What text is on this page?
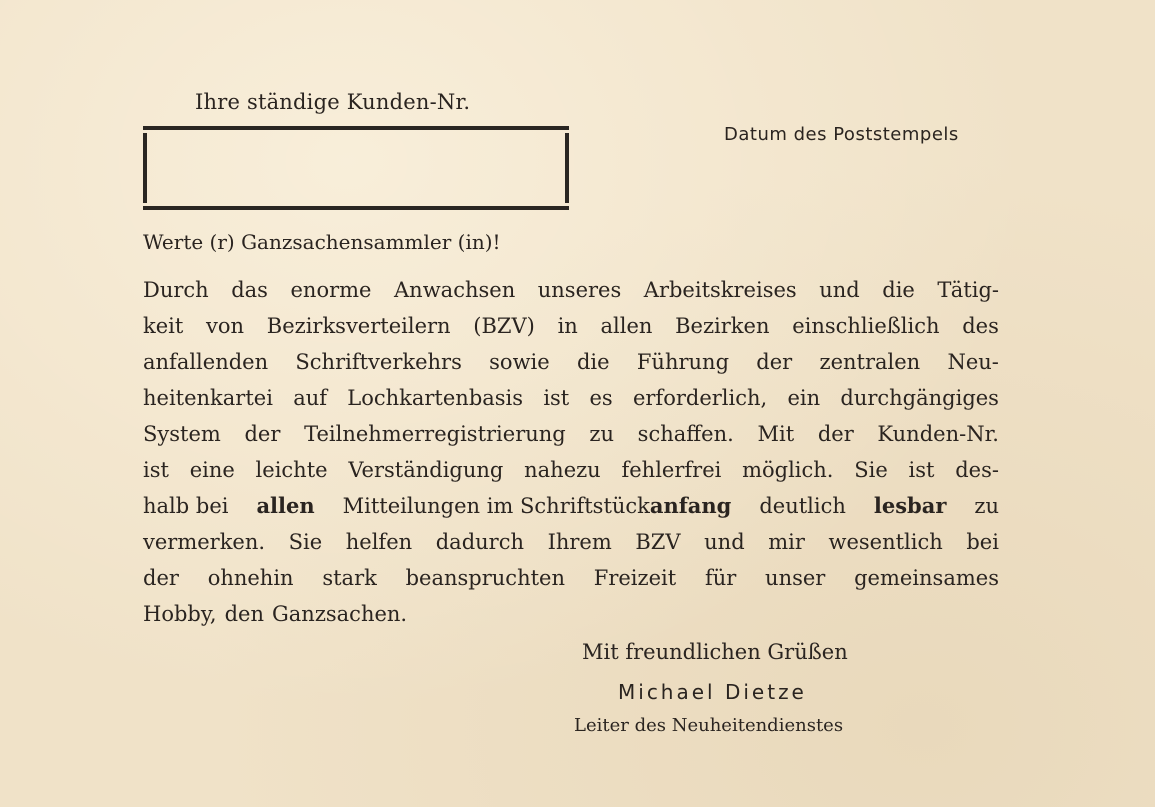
Ihre ständige Kunden-Nr.
Datum des Poststempels
Werte (r) Ganzsachensammler (in)!
Durch das enorme Anwachsen unseres Arbeitskreises und die Tätig-
keit von Bezirksverteilern (BZV) in allen Bezirken einschließlich des
anfallenden Schriftverkehrs sowie die Führung der zentralen Neu-
heitenkartei auf Lochkartenbasis ist es erforderlich, ein durchgängiges
System der Teilnehmerregistrierung zu schaffen. Mit der Kunden-Nr.
ist eine leichte Verständigung nahezu fehlerfrei möglich. Sie ist des-
halb bei allen Mitteilungen im Schriftstückanfang deutlich lesbar zu
vermerken. Sie helfen dadurch Ihrem BZV und mir wesentlich bei
der ohnehin stark beanspruchten Freizeit für unser gemeinsames
Hobby, den Ganzsachen.
Mit freundlichen Grüßen
Michael Dietze
Leiter des Neuheitendienstes
